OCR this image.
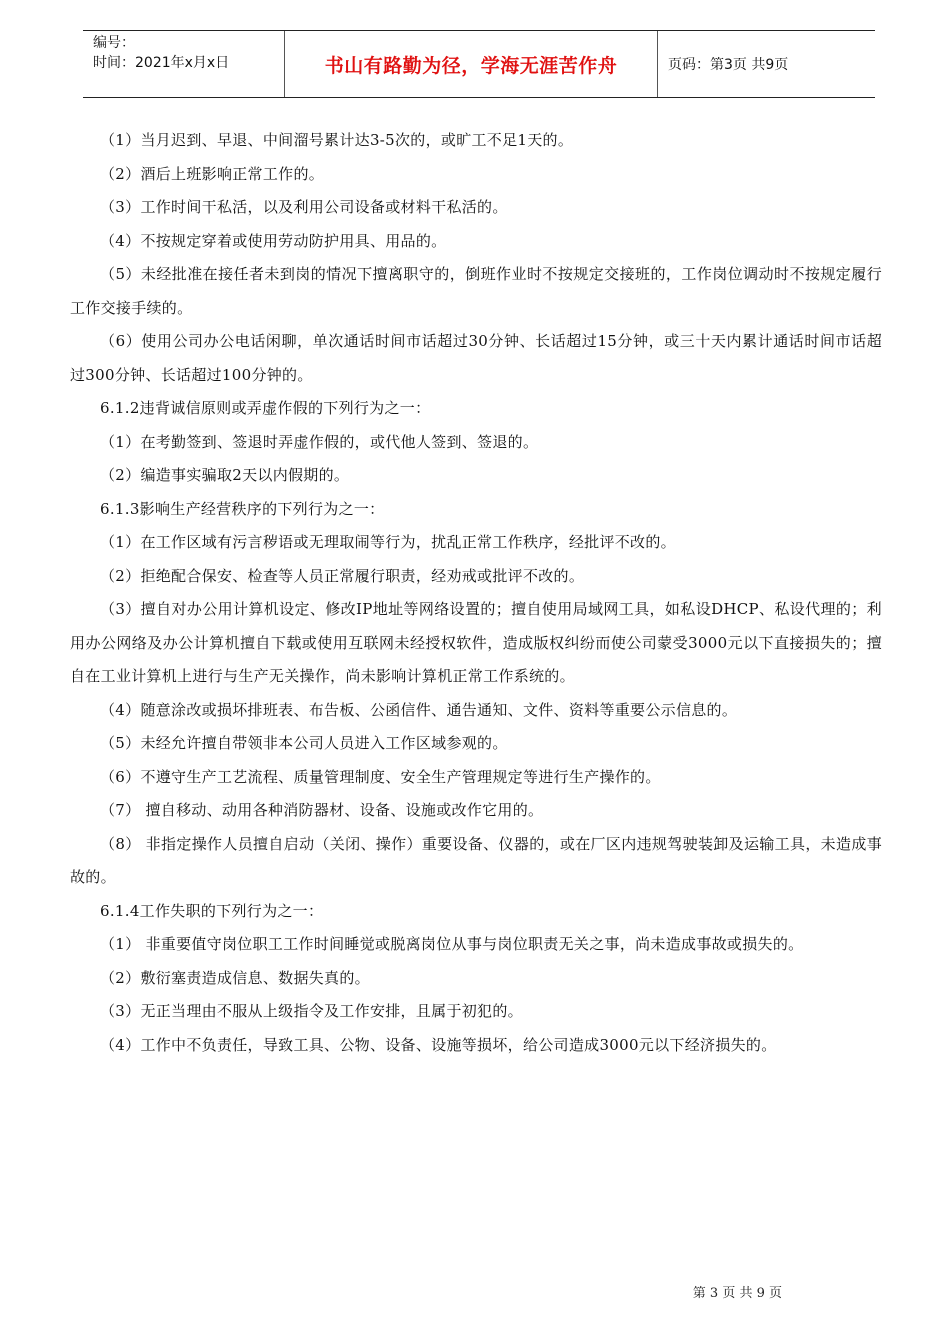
编号：
时间：2021年x月x日	书山有路勤为径，学海无涯苦作舟	页码：第3页 共9页

（1）当月迟到、早退、中间溜号累计达3-5次的，或旷工不足1天的。

（2）酒后上班影响正常工作的。

（3）工作时间干私活，以及利用公司设备或材料干私活的。

（4）不按规定穿着或使用劳动防护用具、用品的。

（5）未经批准在接任者未到岗的情况下擅离职守的，倒班作业时不按规定交接班的，工作岗位调动时不按规定履行工作交接手续的。

（6）使用公司办公电话闲聊，单次通话时间市话超过30分钟、长话超过15分钟，或三十天内累计通话时间市话超过300分钟、长话超过100分钟的。

6.1.2违背诚信原则或弄虚作假的下列行为之一：

（1）在考勤签到、签退时弄虚作假的，或代他人签到、签退的。

（2）编造事实骗取2天以内假期的。

6.1.3影响生产经营秩序的下列行为之一：

（1）在工作区域有污言秽语或无理取闹等行为，扰乱正常工作秩序，经批评不改的。

（2）拒绝配合保安、检查等人员正常履行职责，经劝戒或批评不改的。

（3）擅自对办公用计算机设定、修改IP地址等网络设置的；擅自使用局域网工具，如私设DHCP、私设代理的；利用办公网络及办公计算机擅自下载或使用互联网未经授权软件，造成版权纠纷而使公司蒙受3000元以下直接损失的；擅自在工业计算机上进行与生产无关操作，尚未影响计算机正常工作系统的。

（4）随意涂改或损坏排班表、布告板、公函信件、通告通知、文件、资料等重要公示信息的。

（5）未经允许擅自带领非本公司人员进入工作区域参观的。

（6）不遵守生产工艺流程、质量管理制度、安全生产管理规定等进行生产操作的。

（7） 擅自移动、动用各种消防器材、设备、设施或改作它用的。

（8） 非指定操作人员擅自启动（关闭、操作）重要设备、仪器的，或在厂区内违规驾驶装卸及运输工具，未造成事故的。

6.1.4工作失职的下列行为之一：

（1） 非重要值守岗位职工工作时间睡觉或脱离岗位从事与岗位职责无关之事，尚未造成事故或损失的。

（2）敷衍塞责造成信息、数据失真的。

（3）无正当理由不服从上级指令及工作安排，且属于初犯的。

（4）工作中不负责任，导致工具、公物、设备、设施等损坏，给公司造成3000元以下经济损失的。

第 3 页 共 9 页
